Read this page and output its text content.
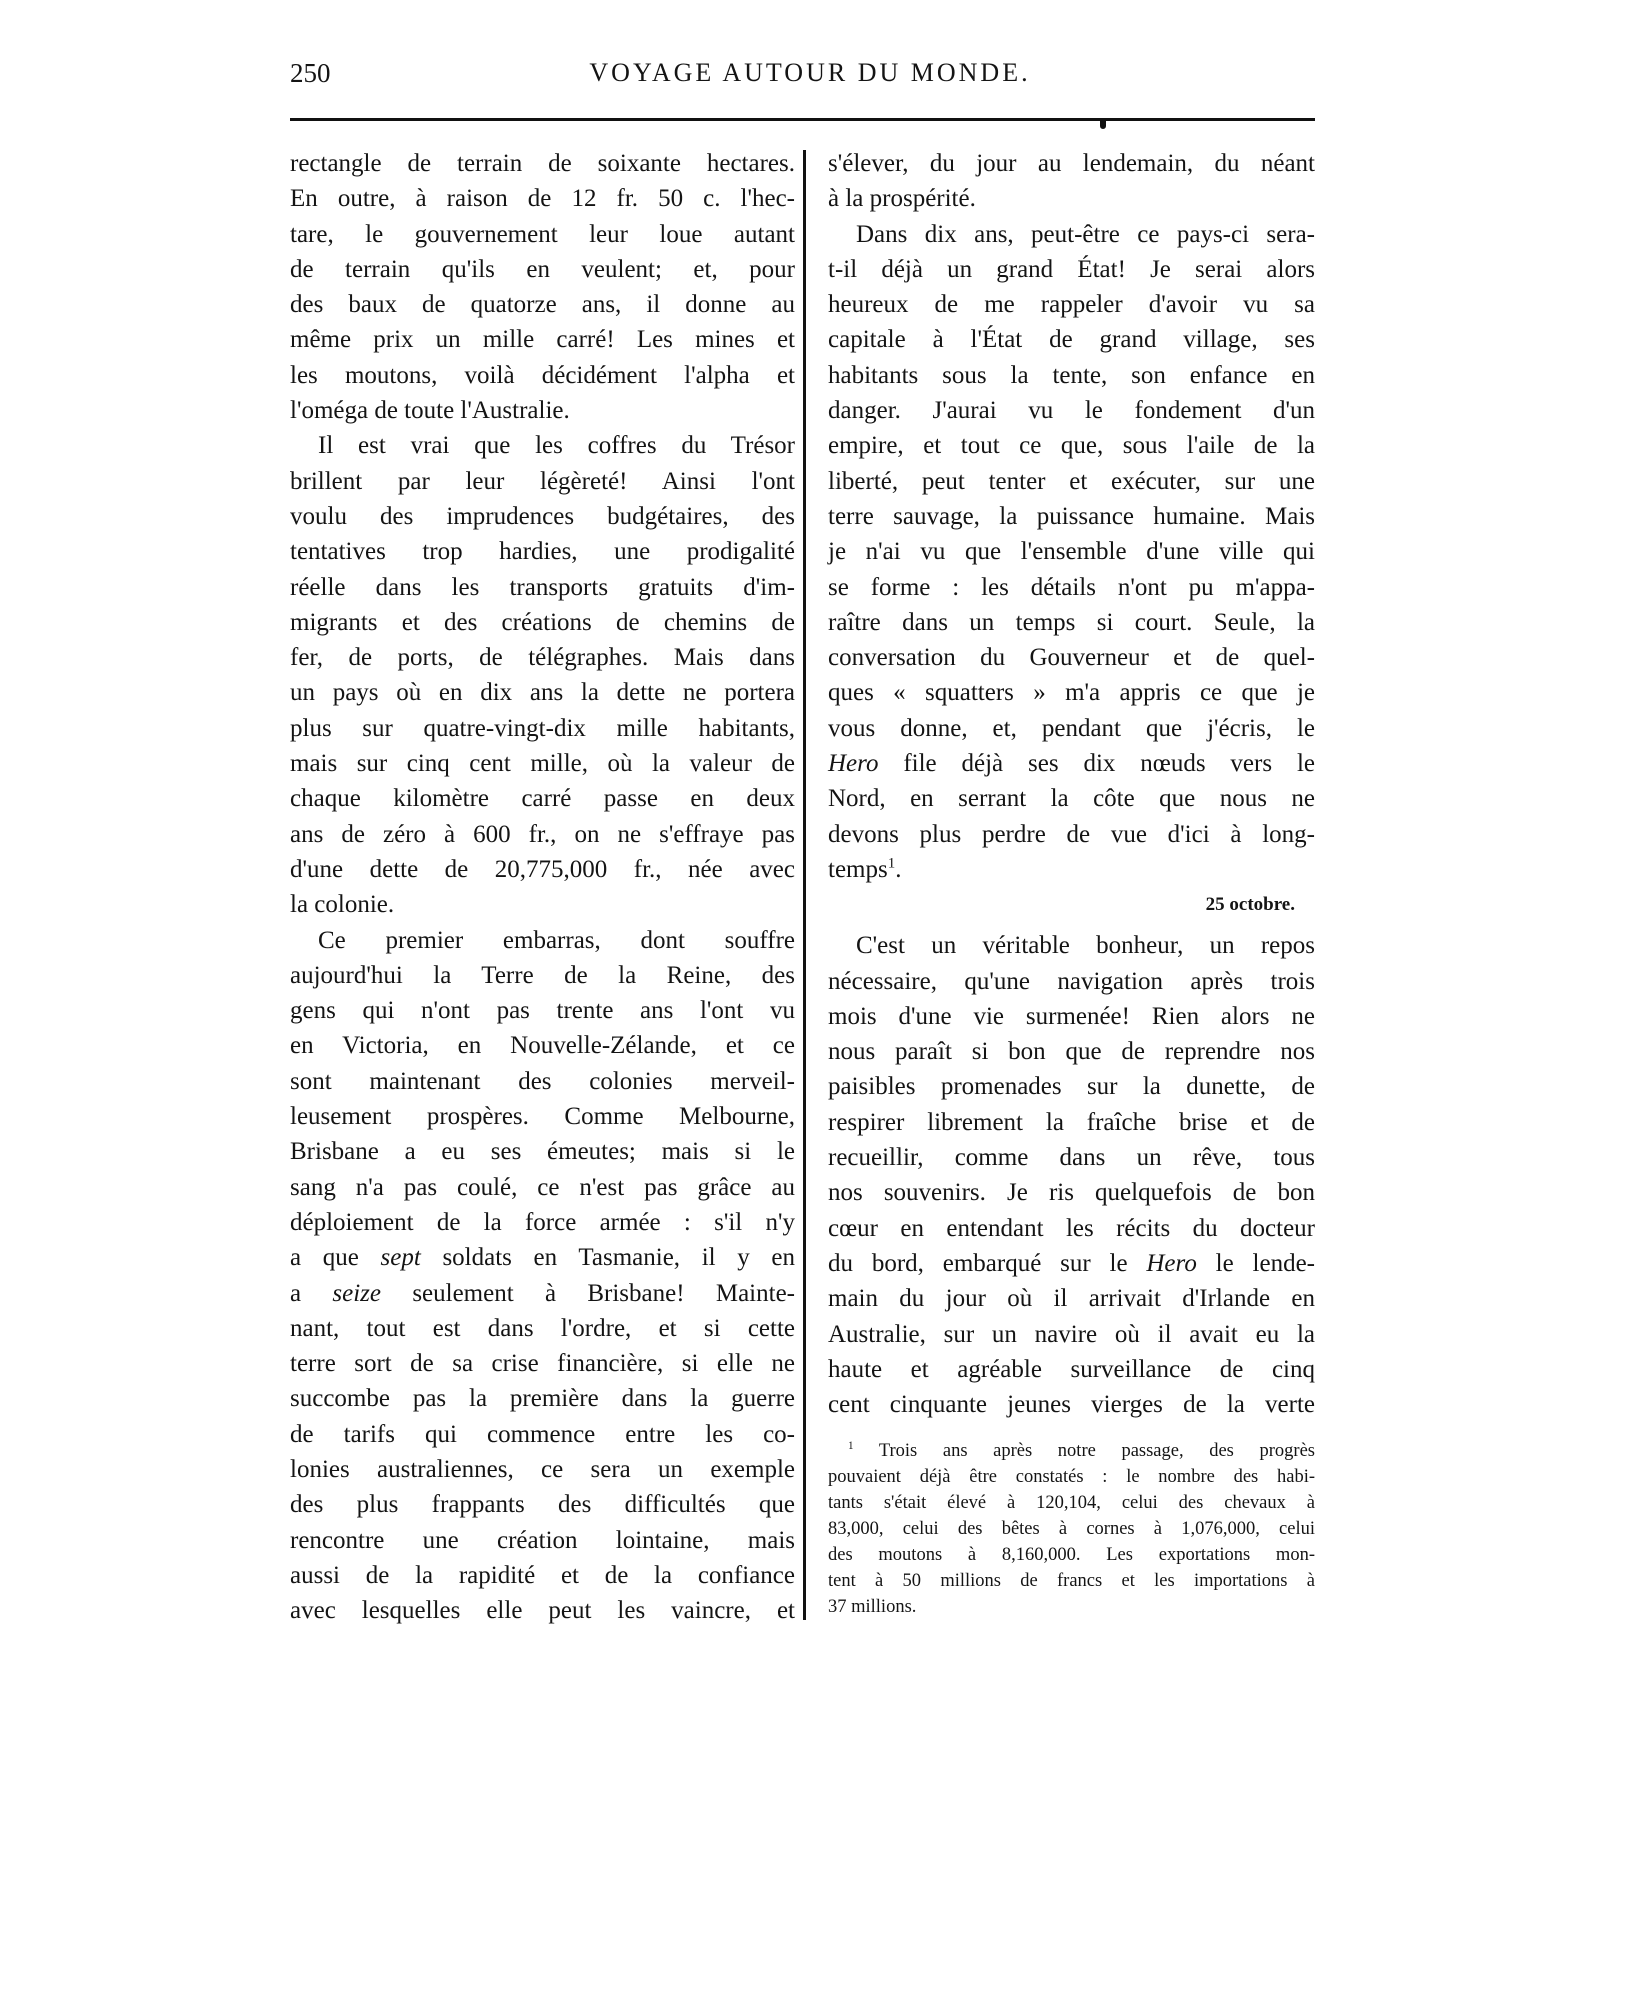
250	VOYAGE AUTOUR DU MONDE.
rectangle de terrain de soixante hectares.
En outre, à raison de 12 fr. 50 c. l'hec-
tare, le gouvernement leur loue autant
de terrain qu'ils en veulent; et, pour
des baux de quatorze ans, il donne au
même prix un mille carré! Les mines et
les moutons, voilà décidément l'alpha et
l'oméga de toute l'Australie.
Il est vrai que les coffres du Trésor
brillent par leur légèreté! Ainsi l'ont
voulu des imprudences budgétaires, des
tentatives trop hardies, une prodigalité
réelle dans les transports gratuits d'im-
migrants et des créations de chemins de
fer, de ports, de télégraphes. Mais dans
un pays où en dix ans la dette ne portera
plus sur quatre-vingt-dix mille habitants,
mais sur cinq cent mille, où la valeur de
chaque kilomètre carré passe en deux
ans de zéro à 600 fr., on ne s'effraye pas
d'une dette de 20,775,000 fr., née avec
la colonie.
Ce premier embarras, dont souffre
aujourd'hui la Terre de la Reine, des
gens qui n'ont pas trente ans l'ont vu
en Victoria, en Nouvelle-Zélande, et ce
sont maintenant des colonies merveil-
leusement prospères. Comme Melbourne,
Brisbane a eu ses émeutes; mais si le
sang n'a pas coulé, ce n'est pas grâce au
déploiement de la force armée : s'il n'y
a que sept soldats en Tasmanie, il y en
a seize seulement à Brisbane! Mainte-
nant, tout est dans l'ordre, et si cette
terre sort de sa crise financière, si elle ne
succombe pas la première dans la guerre
de tarifs qui commence entre les co-
lonies australiennes, ce sera un exemple
des plus frappants des difficultés que
rencontre une création lointaine, mais
aussi de la rapidité et de la confiance
avec lesquelles elle peut les vaincre, et
s'élever, du jour au lendemain, du néant
à la prospérité.
Dans dix ans, peut-être ce pays-ci sera-
t-il déjà un grand État! Je serai alors
heureux de me rappeler d'avoir vu sa
capitale à l'État de grand village, ses
habitants sous la tente, son enfance en
danger. J'aurai vu le fondement d'un
empire, et tout ce que, sous l'aile de la
liberté, peut tenter et exécuter, sur une
terre sauvage, la puissance humaine. Mais
je n'ai vu que l'ensemble d'une ville qui
se forme : les détails n'ont pu m'appa-
raître dans un temps si court. Seule, la
conversation du Gouverneur et de quel-
ques « squatters » m'a appris ce que je
vous donne, et, pendant que j'écris, le
Hero file déjà ses dix nœuds vers le
Nord, en serrant la côte que nous ne
devons plus perdre de vue d'ici à long-
temps$^1$.
25 octobre.
C'est un véritable bonheur, un repos
nécessaire, qu'une navigation après trois
mois d'une vie surmenée! Rien alors ne
nous paraît si bon que de reprendre nos
paisibles promenades sur la dunette, de
respirer librement la fraîche brise et de
recueillir, comme dans un rêve, tous
nos souvenirs. Je ris quelquefois de bon
cœur en entendant les récits du docteur
du bord, embarqué sur le Hero le lende-
main du jour où il arrivait d'Irlande en
Australie, sur un navire où il avait eu la
haute et agréable surveillance de cinq
cent cinquante jeunes vierges de la verte
$^1$ Trois ans après notre passage, des progrès
pouvaient déjà être constatés : le nombre des habi-
tants s'était élevé à 120,104, celui des chevaux à
83,000, celui des bêtes à cornes à 1,076,000, celui
des moutons à 8,160,000. Les exportations mon-
tent à 50 millions de francs et les importations à
37 millions.
